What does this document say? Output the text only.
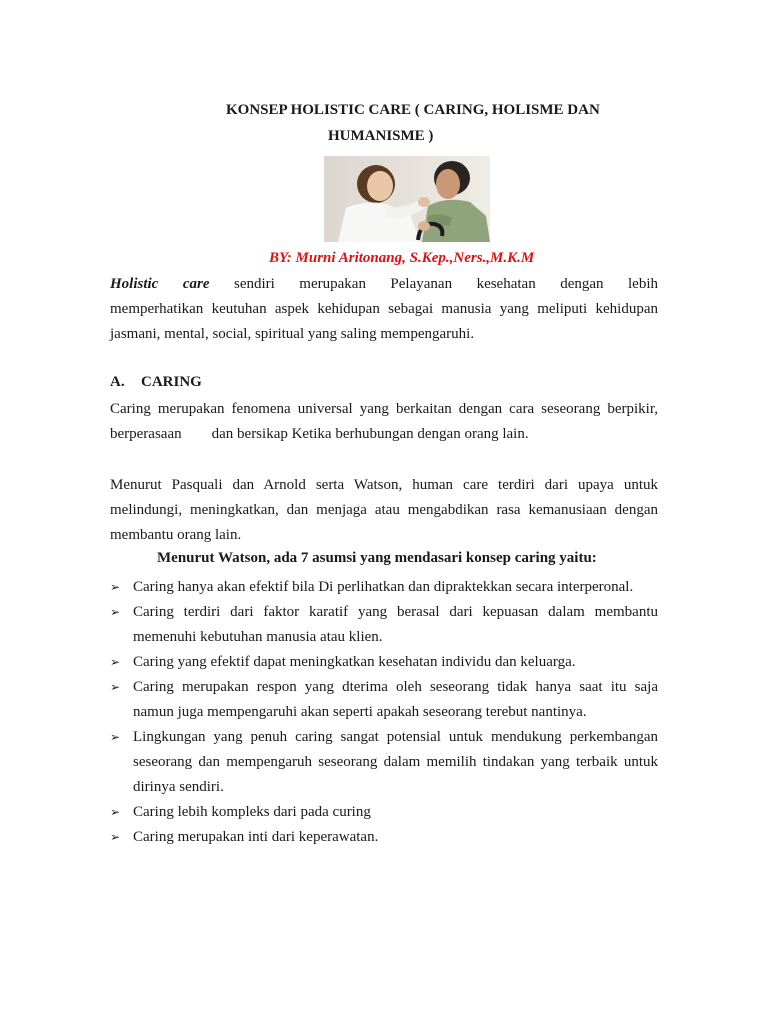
KONSEP HOLISTIC CARE ( CARING, HOLISME DAN
HUMANISME )
BY: Murni Aritonang, S.Kep.,Ners.,M.K.M
Holistic care sendiri merupakan Pelayanan kesehatan dengan lebih
memperhatikan keutuhan aspek kehidupan sebagai manusia yang meliputi kehidupan
jasmani, mental, social, spiritual yang saling mempengaruhi.
A. CARING
Caring merupakan fenomena universal yang berkaitan dengan cara seseorang berpikir,
berperasaan dan bersikap Ketika berhubungan dengan orang lain.
Menurut Pasquali dan Arnold serta Watson, human care terdiri dari upaya untuk
melindungi, meningkatkan, dan menjaga atau mengabdikan rasa kemanusiaan dengan
membantu orang lain.
Menurut Watson, ada 7 asumsi yang mendasari konsep caring yaitu:
➢ Caring hanya akan efektif bila Di perlihatkan dan dipraktekkan secara interperonal.
➢ Caring terdiri dari faktor karatif yang berasal dari kepuasan dalam membantu
memenuhi kebutuhan manusia atau klien.
➢ Caring yang efektif dapat meningkatkan kesehatan individu dan keluarga.
➢ Caring merupakan respon yang dterima oleh seseorang tidak hanya saat itu saja
namun juga mempengaruhi akan seperti apakah seseorang terebut nantinya.
➢ Lingkungan yang penuh caring sangat potensial untuk mendukung perkembangan
seseorang dan mempengaruh seseorang dalam memilih tindakan yang terbaik untuk
dirinya sendiri.
➢ Caring lebih kompleks dari pada curing
➢ Caring merupakan inti dari keperawatan.
